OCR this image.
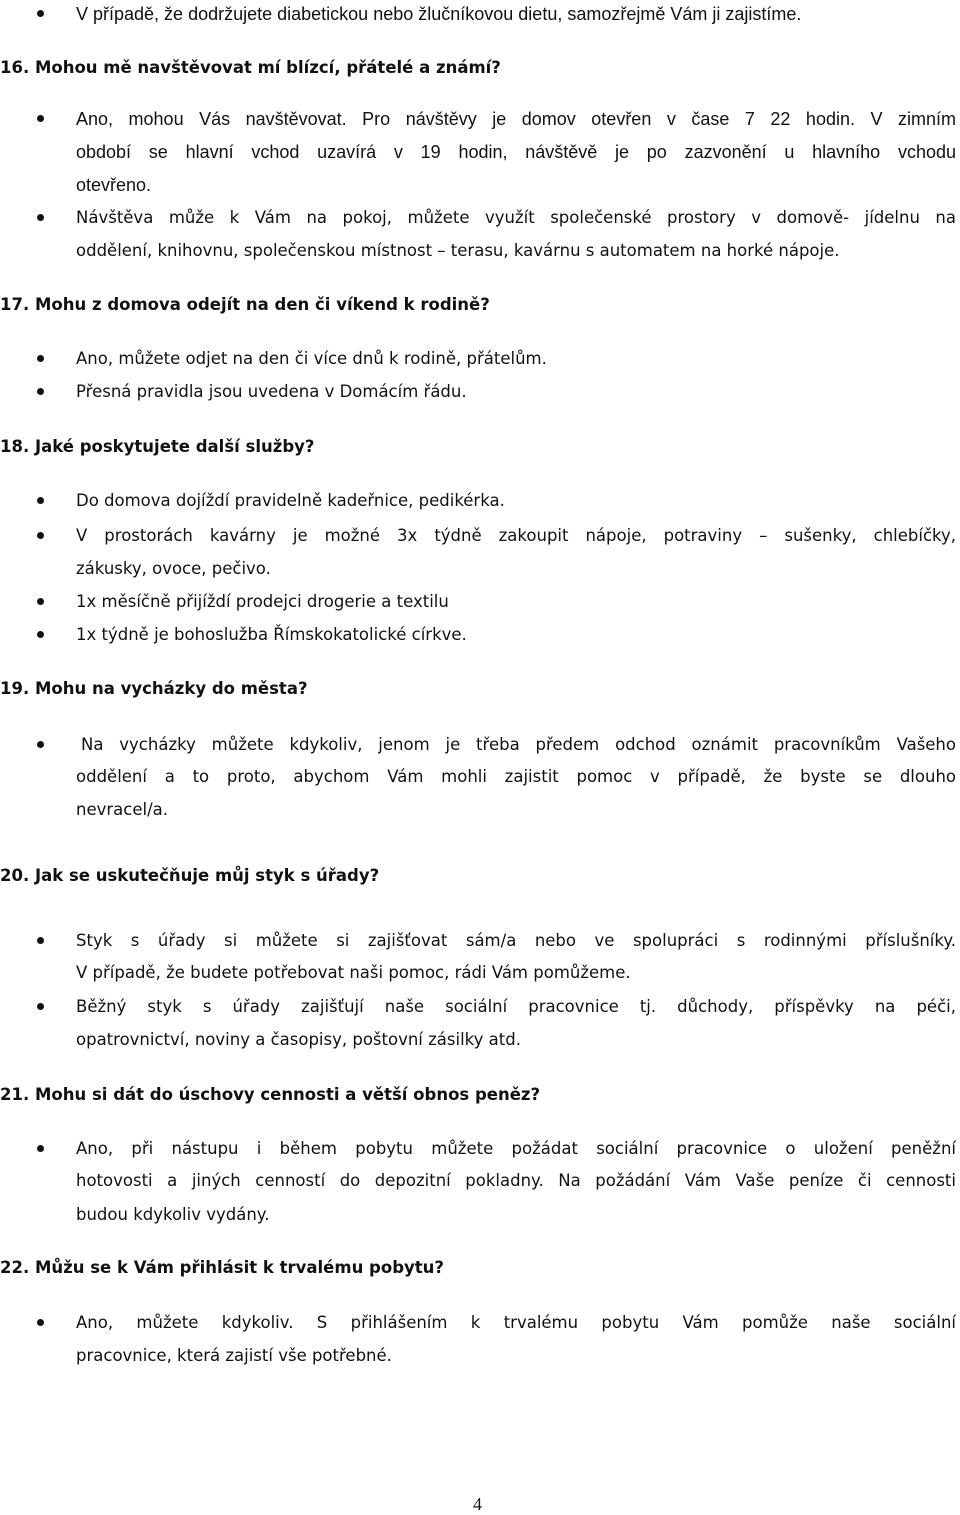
V případě, že dodržujete diabetickou nebo žlučníkovou dietu, samozřejmě Vám ji zajistíme.
16. Mohou mě navštěvovat mí blízcí, přátelé a známí?
Ano, mohou Vás navštěvovat. Pro návštěvy je domov otevřen v čase 7 22 hodin. V zimním
období se hlavní vchod uzavírá v 19 hodin, návštěvě je po zazvonění u hlavního vchodu
otevřeno.
Návštěva může k Vám na pokoj, můžete využít společenské prostory v domově- jídelnu na
oddělení, knihovnu, společenskou místnost – terasu, kavárnu s automatem na horké nápoje.
17. Mohu z domova odejít na den či víkend k rodině?
Ano, můžete odjet na den či více dnů k rodině, přátelům.
Přesná pravidla jsou uvedena v Domácím řádu.
18. Jaké poskytujete další služby?
Do domova dojíždí pravidelně kadeřnice, pedikérka.
V prostorách kavárny je možné 3x týdně zakoupit nápoje, potraviny – sušenky, chlebíčky,
zákusky, ovoce, pečivo.
1x měsíčně přijíždí prodejci drogerie a textilu
1x týdně je bohoslužba Římskokatolické církve.
19. Mohu na vycházky do města?
Na vycházky můžete kdykoliv, jenom je třeba předem odchod oznámit pracovníkům Vašeho
oddělení a to proto, abychom Vám mohli zajistit pomoc v případě, že byste se dlouho
nevracel/a.
20. Jak se uskutečňuje můj styk s úřady?
Styk s úřady si můžete si zajišťovat sám/a nebo ve spolupráci s rodinnými příslušníky.
V případě, že budete potřebovat naši pomoc, rádi Vám pomůžeme.
Běžný styk s úřady zajišťují naše sociální pracovnice tj. důchody, příspěvky na péči,
opatrovnictví, noviny a časopisy, poštovní zásilky atd.
21. Mohu si dát do úschovy cennosti a větší obnos peněz?
Ano, při nástupu i během pobytu můžete požádat sociální pracovnice o uložení peněžní
hotovosti a jiných cenností do depozitní pokladny. Na požádání Vám Vaše peníze či cennosti
budou kdykoliv vydány.
22. Můžu se k Vám přihlásit k trvalému pobytu?
Ano, můžete kdykoliv. S přihlášením k trvalému pobytu Vám pomůže naše sociální
pracovnice, která zajistí vše potřebné.
4
